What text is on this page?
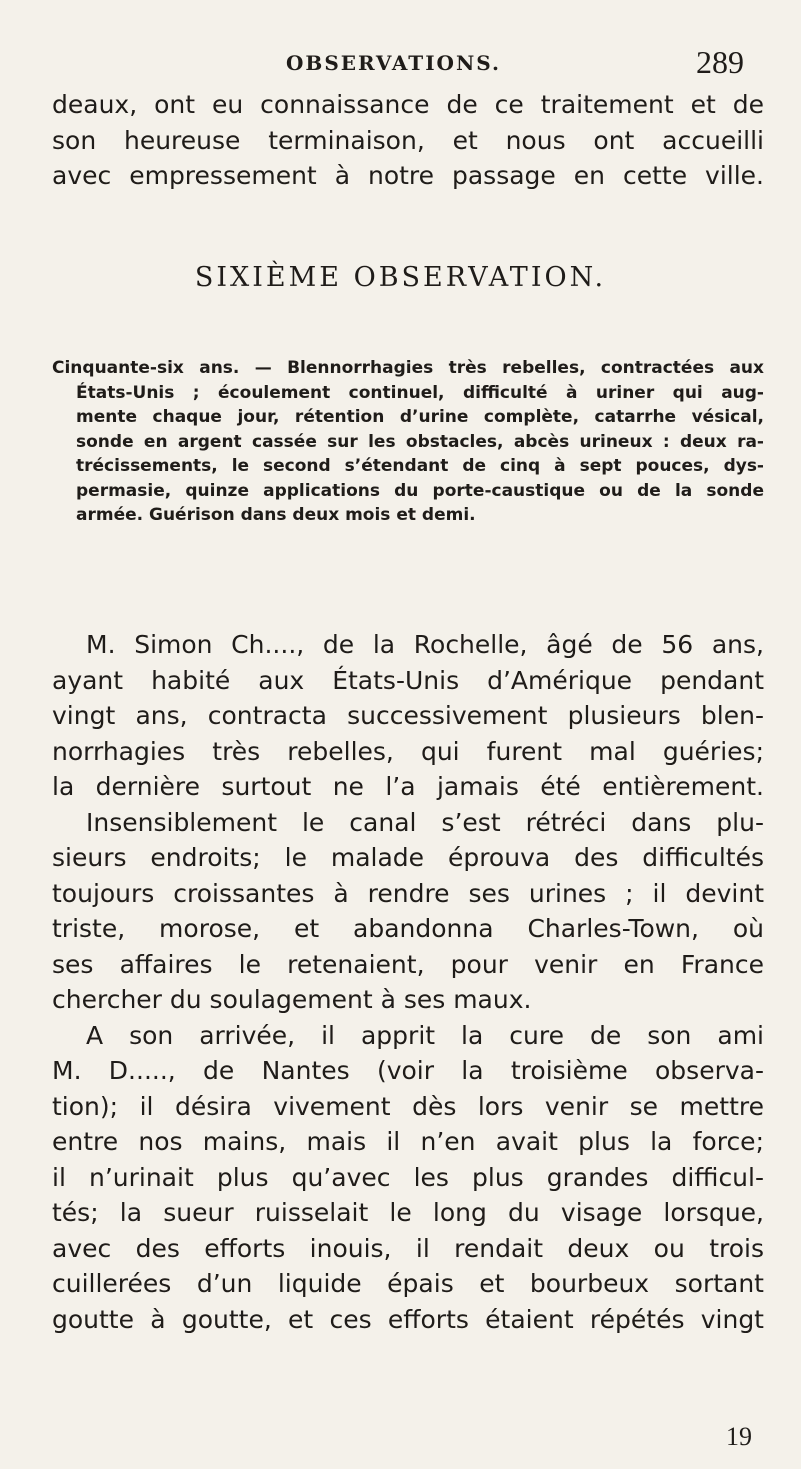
OBSERVATIONS.	289
deaux, ont eu connaissance de ce traitement et de
son heureuse terminaison, et nous ont accueilli
avec empressement à notre passage en cette ville.
SIXIÈME OBSERVATION.
Cinquante-six ans. — Blennorrhagies très rebelles, contractées aux
États-Unis ; écoulement continuel, difficulté à uriner qui aug-
mente chaque jour, rétention d’urine complète, catarrhe vésical,
sonde en argent cassée sur les obstacles, abcès urineux : deux ra-
trécissements, le second s’étendant de cinq à sept pouces, dys-
permasie, quinze applications du porte-caustique ou de la sonde
armée. Guérison dans deux mois et demi.
M. Simon Ch...., de la Rochelle, âgé de 56 ans,
ayant habité aux États-Unis d’Amérique pendant
vingt ans, contracta successivement plusieurs blen-
norrhagies très rebelles, qui furent mal guéries;
la dernière surtout ne l’a jamais été entièrement.
Insensiblement le canal s’est rétréci dans plu-
sieurs endroits; le malade éprouva des difficultés
toujours croissantes à rendre ses urines ; il devint
triste, morose, et abandonna Charles-Town, où
ses affaires le retenaient, pour venir en France
chercher du soulagement à ses maux.
A son arrivée, il apprit la cure de son ami
M. D....., de Nantes (voir la troisième observa-
tion); il désira vivement dès lors venir se mettre
entre nos mains, mais il n’en avait plus la force;
il n’urinait plus qu’avec les plus grandes difficul-
tés; la sueur ruisselait le long du visage lorsque,
avec des efforts inouis, il rendait deux ou trois
cuillerées d’un liquide épais et bourbeux sortant
goutte à goutte, et ces efforts étaient répétés vingt
19
